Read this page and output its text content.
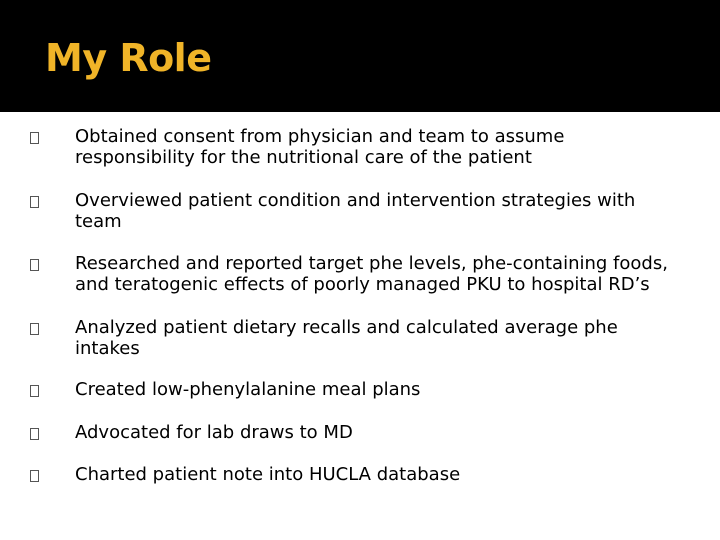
My Role
Obtained consent from physician and team to assume responsibility for the nutritional care of the patient
Overviewed patient condition and intervention strategies with team
Researched and reported target phe levels, phe-containing foods, and teratogenic effects of poorly managed PKU to hospital RD’s
Analyzed patient dietary recalls and calculated average phe intakes
Created low-phenylalanine meal plans
Advocated for lab draws to MD
Charted patient note into HUCLA database
